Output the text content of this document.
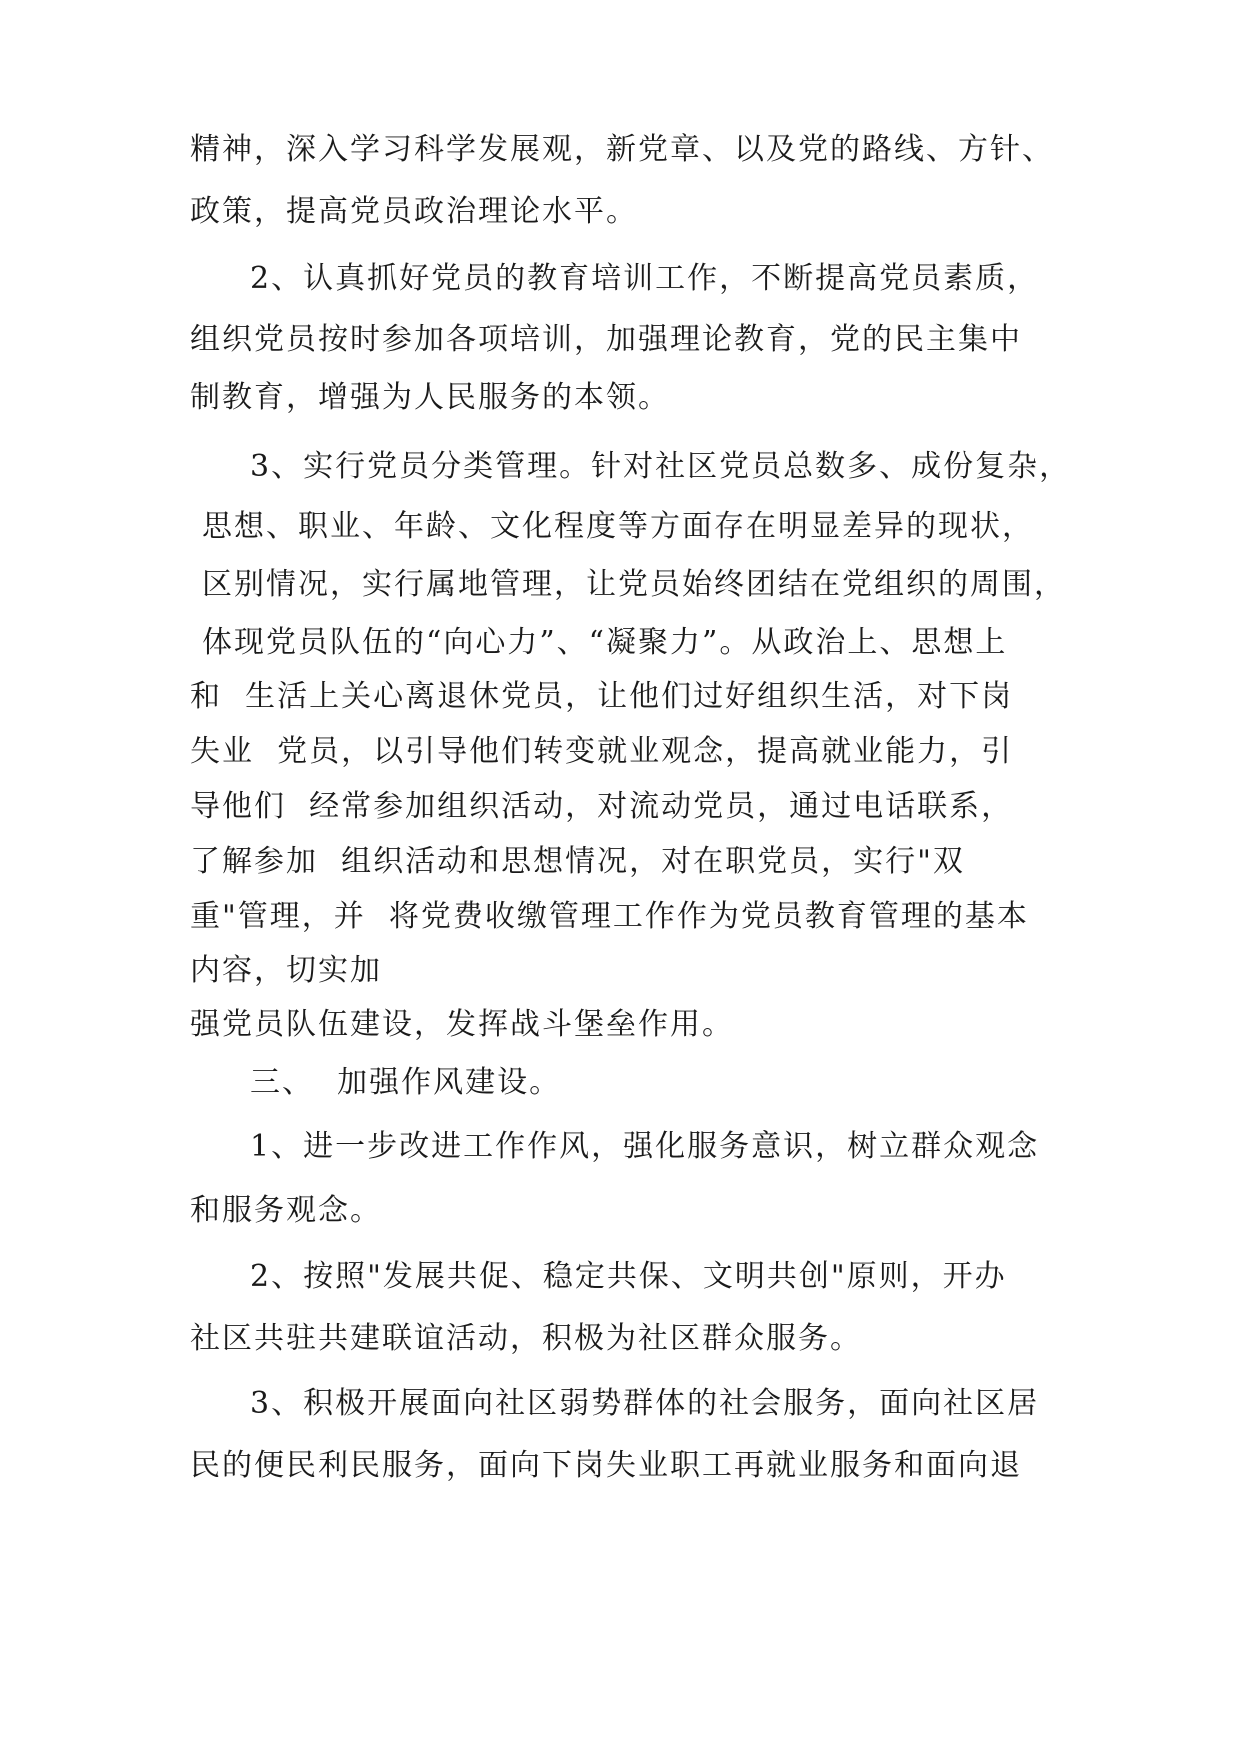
精神，深入学习科学发展观，新党章、以及党的路线、方针、
政策，提高党员政治理论水平。
2、认真抓好党员的教育培训工作，不断提高党员素质，
组织党员按时参加各项培训，加强理论教育，党的民主集中
制教育，增强为人民服务的本领。
3、实行党员分类管理。针对社区党员总数多、成份复杂，
思想、职业、年龄、文化程度等方面存在明显差异的现状，
区别情况，实行属地管理，让党员始终团结在党组织的周围，
体现党员队伍的“向心力”、“凝聚力”。从政治上、思想上
和  生活上关心离退休党员，让他们过好组织生活，对下岗
失业  党员，以引导他们转变就业观念，提高就业能力，引
导他们  经常参加组织活动，对流动党员，通过电话联系，
了解参加  组织活动和思想情况，对在职党员，实行"双
重"管理，并  将党费收缴管理工作作为党员教育管理的基本
内容，切实加
强党员队伍建设，发挥战斗堡垒作用。
三、  加强作风建设。
1、进一步改进工作作风，强化服务意识，树立群众观念
和服务观念。
2、按照"发展共促、稳定共保、文明共创"原则，开办
社区共驻共建联谊活动，积极为社区群众服务。
3、积极开展面向社区弱势群体的社会服务，面向社区居
民的便民利民服务，面向下岗失业职工再就业服务和面向退
